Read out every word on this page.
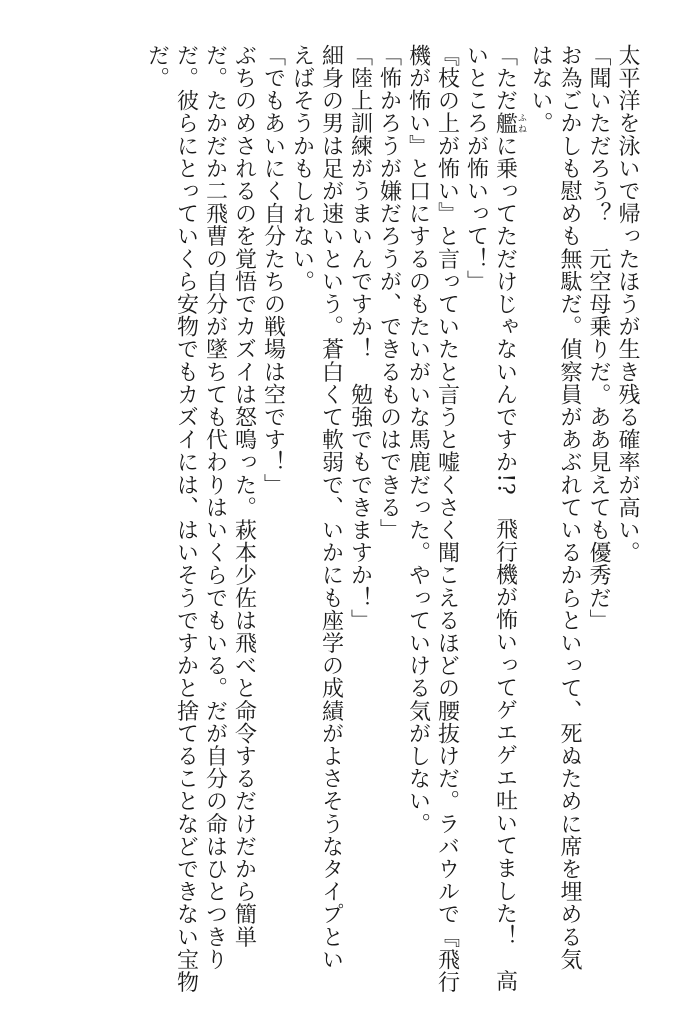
太平洋を泳いで帰ったほうが生き残る確率が高い。
「聞いただろう？　元空母乗りだ。ああ見えても優秀だ」
お為ごかしも慰めも無駄だ。偵察員があぶれているからといって、死ぬために席を埋める気
はない。
「ただ艦ふねに乗ってただけじゃないんですか!?　飛行機が怖いってゲエゲエ吐いてました！　高
いところが怖いって！」
『枝の上が怖い』と言っていたと言うと嘘くさく聞こえるほどの腰抜けだ。ラバウルで『飛行
機が怖い』と口にするのもたいがいな馬鹿だった。やっていける気がしない。
「怖かろうが嫌だろうが、できるものはできる」
「陸上訓練がうまいんですか！　勉強でもできますか！」
細身の男は足が速いという。蒼白くて軟弱で、いかにも座学の成績がよさそうなタイプとい
えばそうかもしれない。
「でもあいにく自分たちの戦場は空です！」
ぶちのめされるのを覚悟でカズイは怒鳴った。萩本少佐は飛べと命令するだけだから簡単
だ。たかだか二飛曹の自分が墜ちても代わりはいくらでもいる。だが自分の命はひとつきり
だ。彼らにとっていくら安物でもカズイには、はいそうですかと捨てることなどできない宝物
だ。
